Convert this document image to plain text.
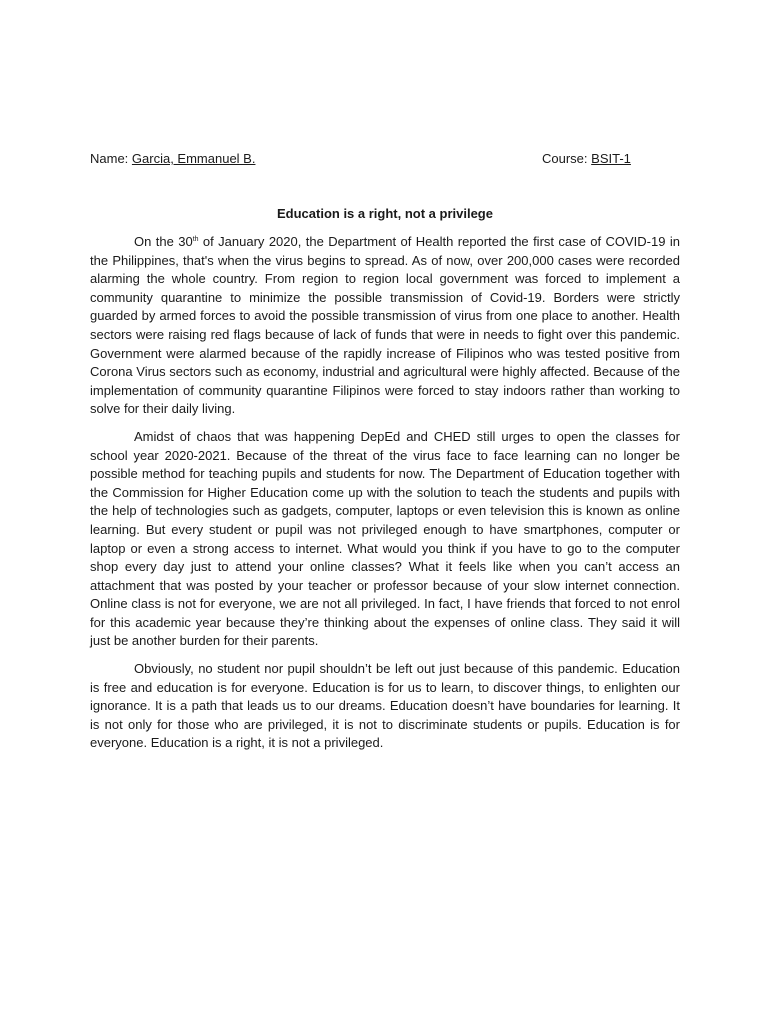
Name: Garcia, Emmanuel B.	Course: BSIT-1
Education is a right, not a privilege

On the 30th of January 2020, the Department of Health reported the first case of COVID-19 in the Philippines, that's when the virus begins to spread. As of now, over 200,000 cases were recorded alarming the whole country. From region to region local government was forced to implement a community quarantine to minimize the possible transmission of Covid-19. Borders were strictly guarded by armed forces to avoid the possible transmission of virus from one place to another. Health sectors were raising red flags because of lack of funds that were in needs to fight over this pandemic. Government were alarmed because of the rapidly increase of Filipinos who was tested positive from Corona Virus sectors such as economy, industrial and agricultural were highly affected. Because of the implementation of community quarantine Filipinos were forced to stay indoors rather than working to solve for their daily living.

Amidst of chaos that was happening DepEd and CHED still urges to open the classes for school year 2020-2021. Because of the threat of the virus face to face learning can no longer be possible method for teaching pupils and students for now. The Department of Education together with the Commission for Higher Education come up with the solution to teach the students and pupils with the help of technologies such as gadgets, computer, laptops or even television this is known as online learning. But every student or pupil was not privileged enough to have smartphones, computer or laptop or even a strong access to internet. What would you think if you have to go to the computer shop every day just to attend your online classes? What it feels like when you can’t access an attachment that was posted by your teacher or professor because of your slow internet connection. Online class is not for everyone, we are not all privileged. In fact, I have friends that forced to not enrol for this academic year because they’re thinking about the expenses of online class. They said it will just be another burden for their parents.

Obviously, no student nor pupil shouldn’t be left out just because of this pandemic. Education is free and education is for everyone. Education is for us to learn, to discover things, to enlighten our ignorance. It is a path that leads us to our dreams. Education doesn’t have boundaries for learning. It is not only for those who are privileged, it is not to discriminate students or pupils. Education is for everyone. Education is a right, it is not a privileged.
